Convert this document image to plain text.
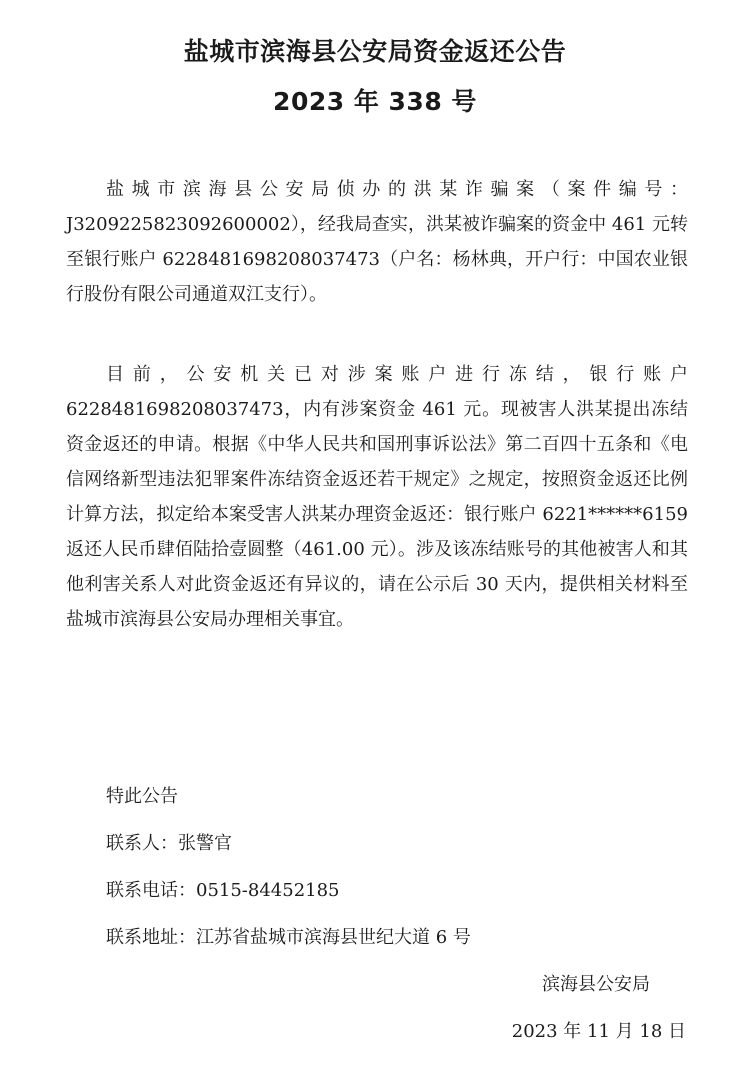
盐城市滨海县公安局资金返还公告
2023 年 338 号

盐城市滨海县公安局侦办的洪某诈骗案（案件编号：J3209225823092600002），经我局查实，洪某被诈骗案的资金中 461 元转至银行账户 6228481698208037473（户名：杨林典，开户行：中国农业银行股份有限公司通道双江支行）。

目前，公安机关已对涉案账户进行冻结，银行账户 6228481698208037473，内有涉案资金 461 元。现被害人洪某提出冻结资金返还的申请。根据《中华人民共和国刑事诉讼法》第二百四十五条和《电信网络新型违法犯罪案件冻结资金返还若干规定》之规定，按照资金返还比例计算方法，拟定给本案受害人洪某办理资金返还：银行账户 6221******6159 返还人民币肆佰陆拾壹圆整（461.00 元）。涉及该冻结账号的其他被害人和其他利害关系人对此资金返还有异议的，请在公示后 30 天内，提供相关材料至盐城市滨海县公安局办理相关事宜。

特此公告
联系人：张警官
联系电话：0515-84452185
联系地址：江苏省盐城市滨海县世纪大道 6 号
滨海县公安局
2023 年 11 月 18 日
